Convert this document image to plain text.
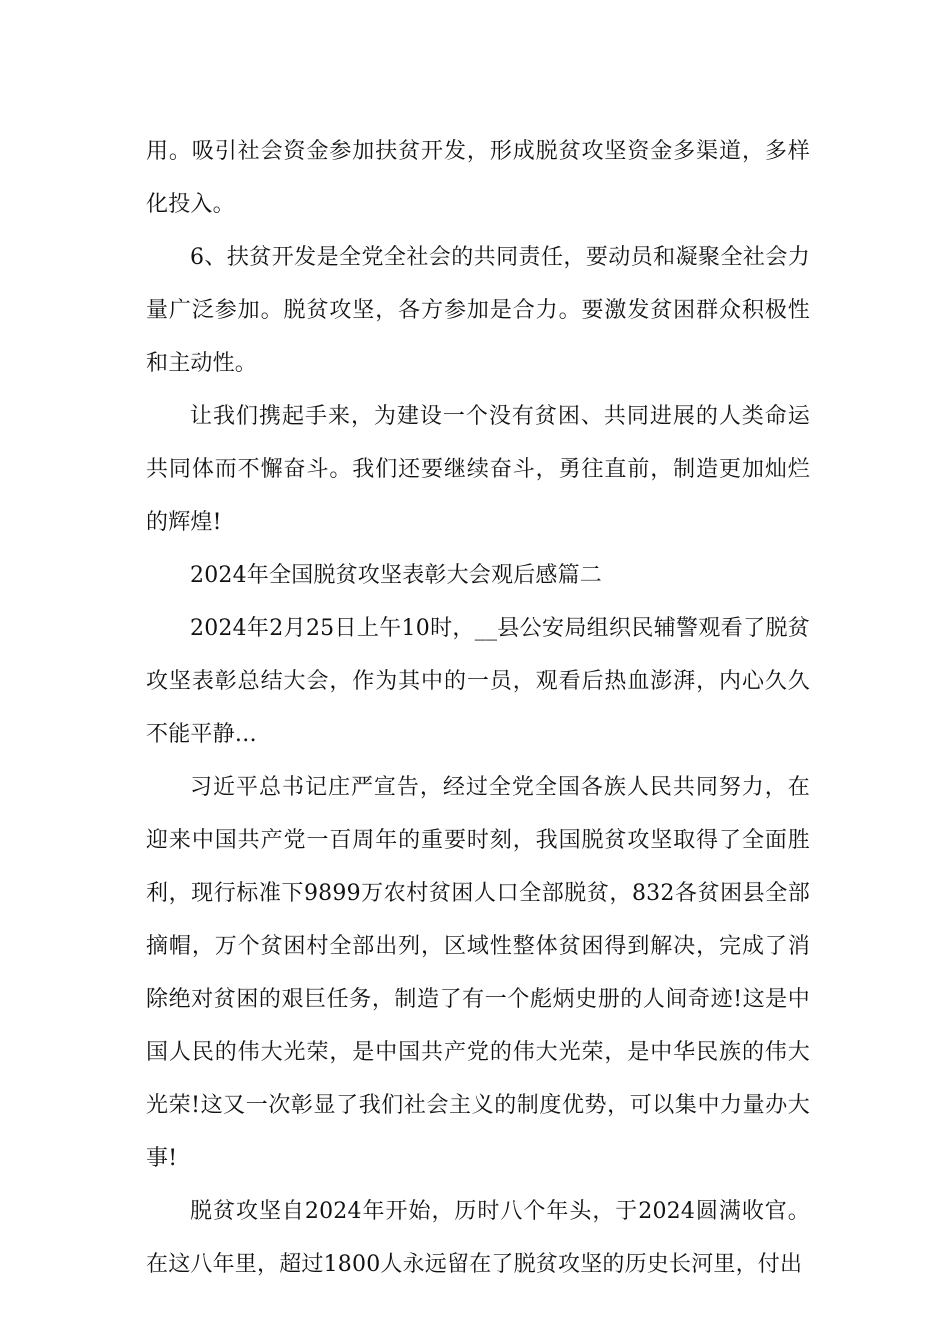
用。吸引社会资金参加扶贫开发，形成脱贫攻坚资金多渠道，多样化投入。

6、扶贫开发是全党全社会的共同责任，要动员和凝聚全社会力量广泛参加。脱贫攻坚，各方参加是合力。要激发贫困群众积极性和主动性。

让我们携起手来，为建设一个没有贫困、共同进展的人类命运共同体而不懈奋斗。我们还要继续奋斗，勇往直前，制造更加灿烂的辉煌!

2024年全国脱贫攻坚表彰大会观后感篇二

2024年2月25日上午10时，__县公安局组织民辅警观看了脱贫攻坚表彰总结大会，作为其中的一员，观看后热血澎湃，内心久久不能平静…

习近平总书记庄严宣告，经过全党全国各族人民共同努力，在迎来中国共产党一百周年的重要时刻，我国脱贫攻坚取得了全面胜利，现行标准下9899万农村贫困人口全部脱贫，832各贫困县全部摘帽，万个贫困村全部出列，区域性整体贫困得到解决，完成了消除绝对贫困的艰巨任务，制造了有一个彪炳史册的人间奇迹!这是中国人民的伟大光荣，是中国共产党的伟大光荣，是中华民族的伟大光荣!这又一次彰显了我们社会主义的制度优势，可以集中力量办大事!

脱贫攻坚自2024年开始，历时八个年头，于2024圆满收官。在这八年里，超过1800人永远留在了脱贫攻坚的历史长河里，付出
